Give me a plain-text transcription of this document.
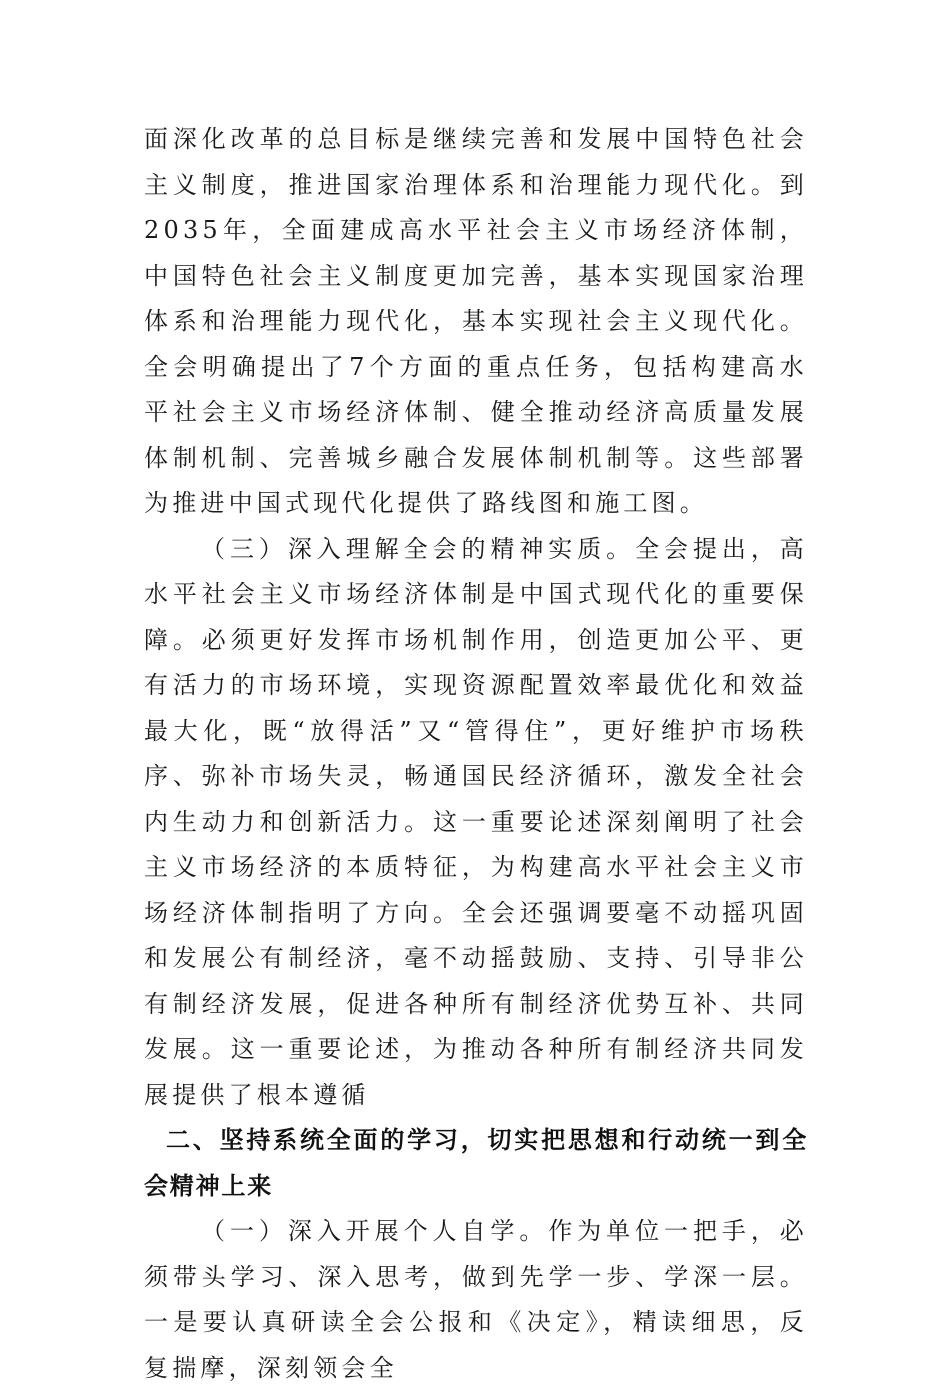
面深化改革的总目标是继续完善和发展中国特色社会主义制度，推进国家治理体系和治理能力现代化。到2035年，全面建成高水平社会主义市场经济体制，中国特色社会主义制度更加完善，基本实现国家治理体系和治理能力现代化，基本实现社会主义现代化。全会明确提出了7个方面的重点任务，包括构建高水平社会主义市场经济体制、健全推动经济高质量发展体制机制、完善城乡融合发展体制机制等。这些部署为推进中国式现代化提供了路线图和施工图。

（三）深入理解全会的精神实质。全会提出，高水平社会主义市场经济体制是中国式现代化的重要保障。必须更好发挥市场机制作用，创造更加公平、更有活力的市场环境，实现资源配置效率最优化和效益最大化，既“放得活”又“管得住”，更好维护市场秩序、弥补市场失灵，畅通国民经济循环，激发全社会内生动力和创新活力。这一重要论述深刻阐明了社会主义市场经济的本质特征，为构建高水平社会主义市场经济体制指明了方向。全会还强调要毫不动摇巩固和发展公有制经济，毫不动摇鼓励、支持、引导非公有制经济发展，促进各种所有制经济优势互补、共同发展。这一重要论述，为推动各种所有制经济共同发展提供了根本遵循

二、坚持系统全面的学习，切实把思想和行动统一到全会精神上来

（一）深入开展个人自学。作为单位一把手，必须带头学习、深入思考，做到先学一步、学深一层。一是要认真研读全会公报和《决定》，精读细思，反复揣摩，深刻领会全
